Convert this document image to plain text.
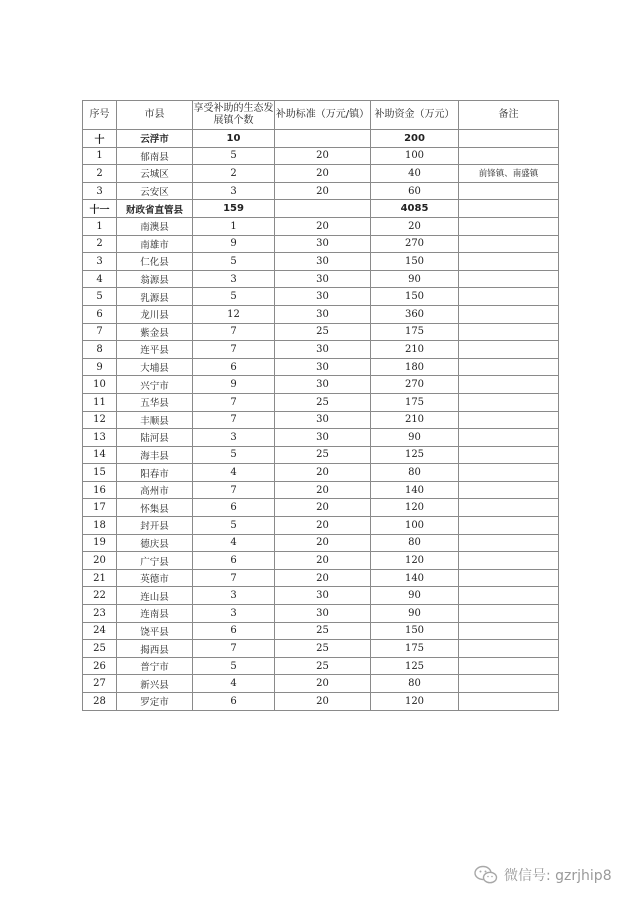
序号	市县	享受补助的生态发展镇个数	补助标准（万元/镇）	补助资金（万元）	备注
十	云浮市	10		200	
1	郁南县	5	20	100	
2	云城区	2	20	40	前锋镇、南盛镇
3	云安区	3	20	60	
十一	财政省直管县	159		4085	
1	南澳县	1	20	20	
2	南雄市	9	30	270	
3	仁化县	5	30	150	
4	翁源县	3	30	90	
5	乳源县	5	30	150	
6	龙川县	12	30	360	
7	紫金县	7	25	175	
8	连平县	7	30	210	
9	大埔县	6	30	180	
10	兴宁市	9	30	270	
11	五华县	7	25	175	
12	丰顺县	7	30	210	
13	陆河县	3	30	90	
14	海丰县	5	25	125	
15	阳春市	4	20	80	
16	高州市	7	20	140	
17	怀集县	6	20	120	
18	封开县	5	20	100	
19	德庆县	4	20	80	
20	广宁县	6	20	120	
21	英德市	7	20	140	
22	连山县	3	30	90	
23	连南县	3	30	90	
24	饶平县	6	25	150	
25	揭西县	7	25	175	
26	普宁市	5	25	125	
27	新兴县	4	20	80	
28	罗定市	6	20	120	
微信号: gzrjhip8
